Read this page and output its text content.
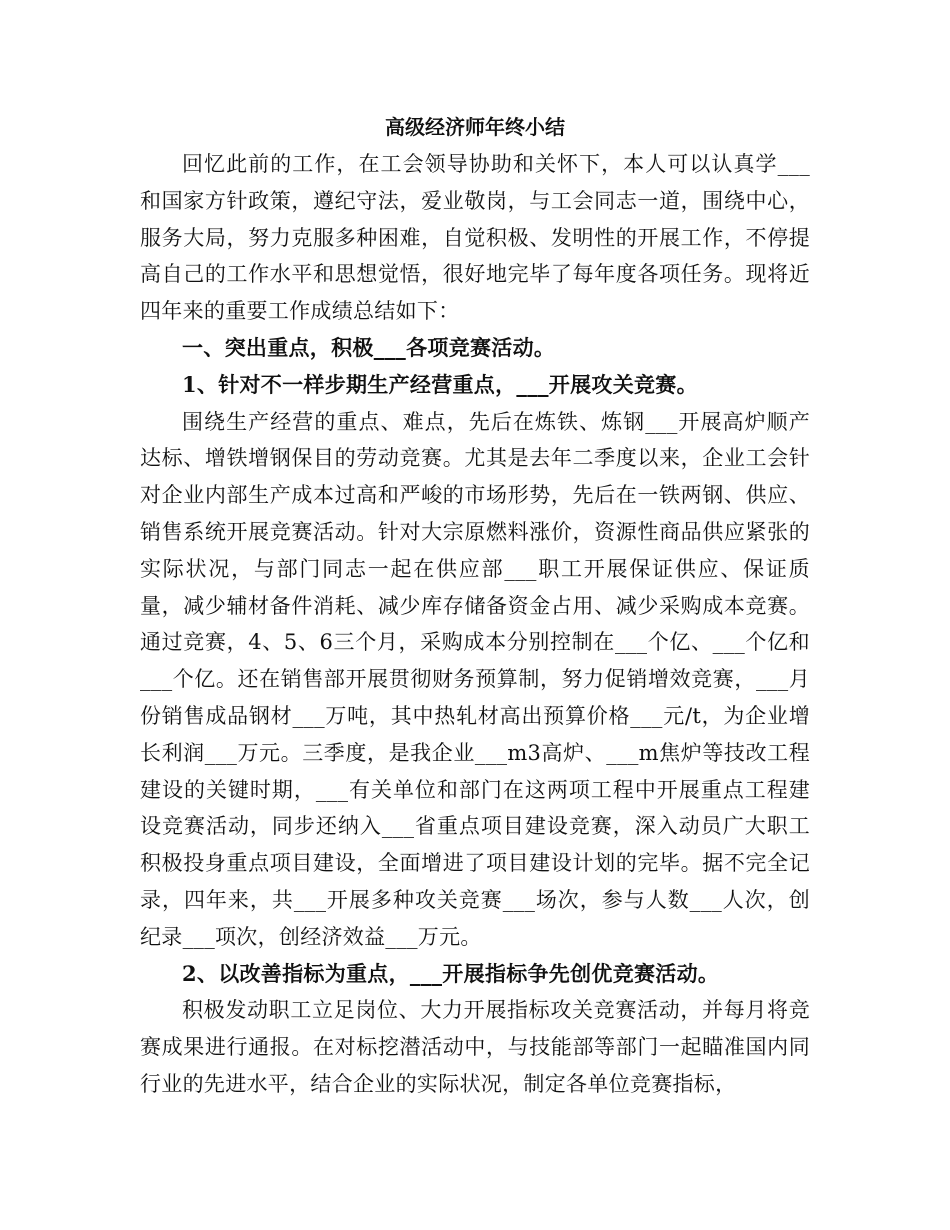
高级经济师年终小结

回忆此前的工作，在工会领导协助和关怀下，本人可以认真学___和国家方针政策，遵纪守法，爱业敬岗，与工会同志一道，围绕中心，服务大局，努力克服多种困难，自觉积极、发明性的开展工作，不停提高自己的工作水平和思想觉悟，很好地完毕了每年度各项任务。现将近四年来的重要工作成绩总结如下：

一、突出重点，积极___各项竞赛活动。

1、针对不一样步期生产经营重点，___开展攻关竞赛。

围绕生产经营的重点、难点，先后在炼铁、炼钢___开展高炉顺产达标、增铁增钢保目的劳动竞赛。尤其是去年二季度以来，企业工会针对企业内部生产成本过高和严峻的市场形势，先后在一铁两钢、供应、销售系统开展竞赛活动。针对大宗原燃料涨价，资源性商品供应紧张的实际状况，与部门同志一起在供应部___职工开展保证供应、保证质量，减少辅材备件消耗、减少库存储备资金占用、减少采购成本竞赛。通过竞赛，4、5、6三个月，采购成本分别控制在___个亿、___个亿和___个亿。还在销售部开展贯彻财务预算制，努力促销增效竞赛，___月份销售成品钢材___万吨，其中热轧材高出预算价格___元/t，为企业增长利润___万元。三季度，是我企业___m3高炉、___m焦炉等技改工程建设的关键时期，___有关单位和部门在这两项工程中开展重点工程建设竞赛活动，同步还纳入___省重点项目建设竞赛，深入动员广大职工积极投身重点项目建设，全面增进了项目建设计划的完毕。据不完全记录，四年来，共___开展多种攻关竞赛___场次，参与人数___人次，创纪录___项次，创经济效益___万元。

2、以改善指标为重点，___开展指标争先创优竞赛活动。

积极发动职工立足岗位、大力开展指标攻关竞赛活动，并每月将竞赛成果进行通报。在对标挖潜活动中，与技能部等部门一起瞄准国内同行业的先进水平，结合企业的实际状况，制定各单位竞赛指标，
